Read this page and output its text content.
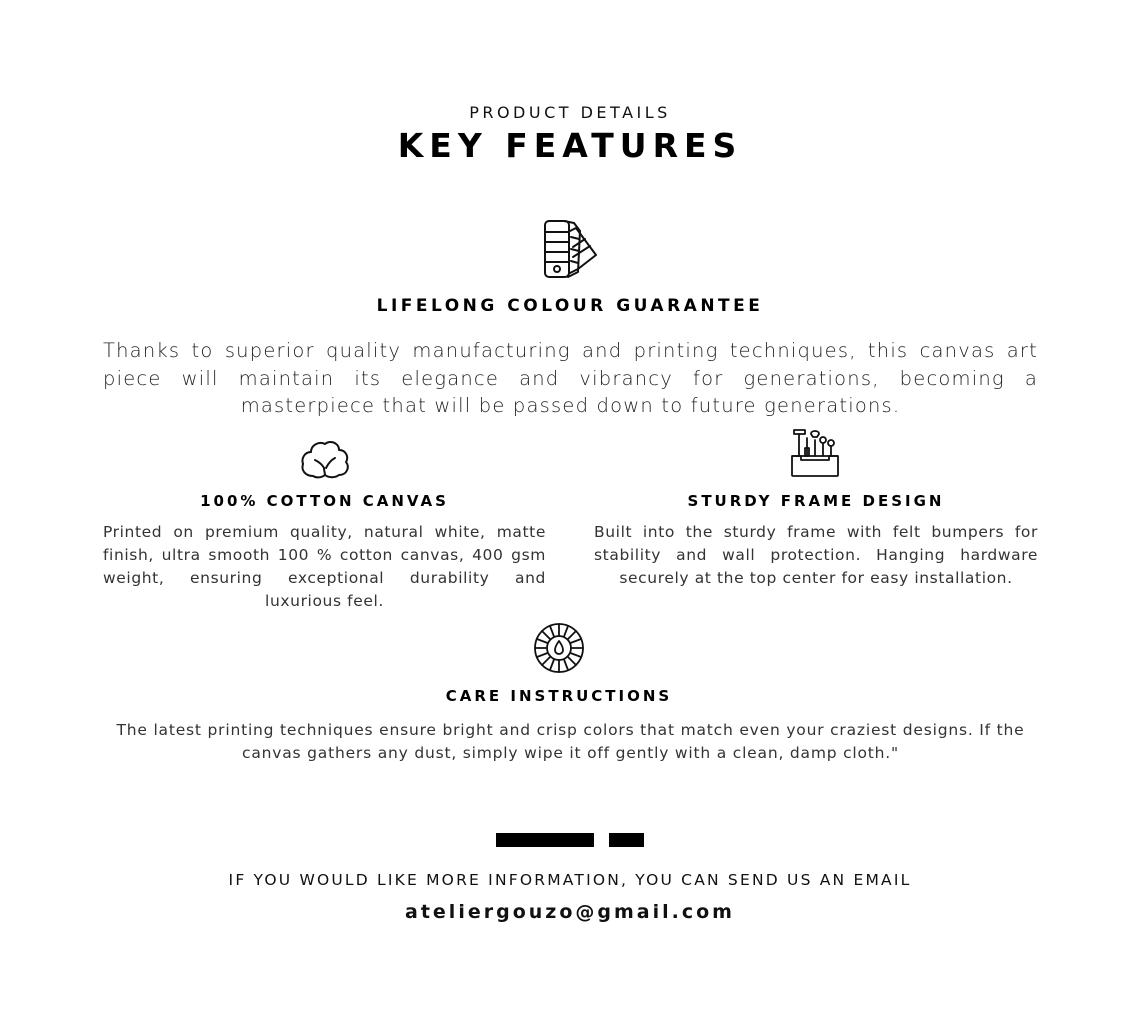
PRODUCT DETAILS
KEY FEATURES
LIFELONG COLOUR GUARANTEE
Thanks to superior quality manufacturing and printing techniques, this canvas art piece will maintain its elegance and vibrancy for generations, becoming a masterpiece that will be passed down to future generations.
100% COTTON CANVAS
Printed on premium quality, natural white, matte finish, ultra smooth 100 % cotton canvas, 400 gsm weight, ensuring exceptional durability and luxurious feel.
STURDY FRAME DESIGN
Built into the sturdy frame with felt bumpers for stability and wall protection. Hanging hardware securely at the top center for easy installation.
CARE INSTRUCTIONS
The latest printing techniques ensure bright and crisp colors that match even your craziest designs. If the canvas gathers any dust, simply wipe it off gently with a clean, damp cloth."
IF YOU WOULD LIKE MORE INFORMATION, YOU CAN SEND US AN EMAIL
ateliergouzo@gmail.com
